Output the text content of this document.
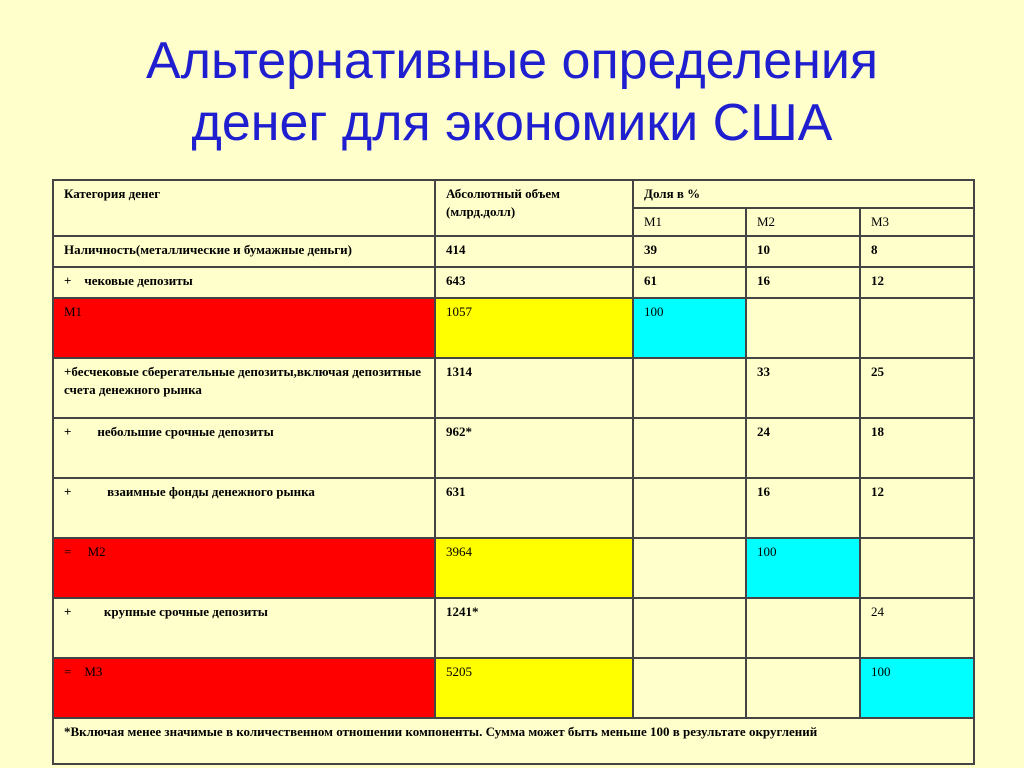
Альтернативные определения
денег для экономики США
Категория денег	Абсолютный объем (млрд.долл)	Доля в %		
		М1	М2	М3
Наличность(металлические и бумажные деньги)	414	39	10	8
+    чековые депозиты	643	61	16	12
М1	1057	100		
+бесчековые сберегательные депозиты,включая депозитные счета денежного рынка	1314		33	25
+        небольшие срочные депозиты	962*		24	18
+           взаимные фонды денежного рынка	631		16	12
=     М2	3964		100	
+          крупные срочные депозиты	1241*			24
=    М3	5205			100
*Включая менее значимые в количественном отношении компоненты. Сумма может быть меньше 100 в результате округлений				
